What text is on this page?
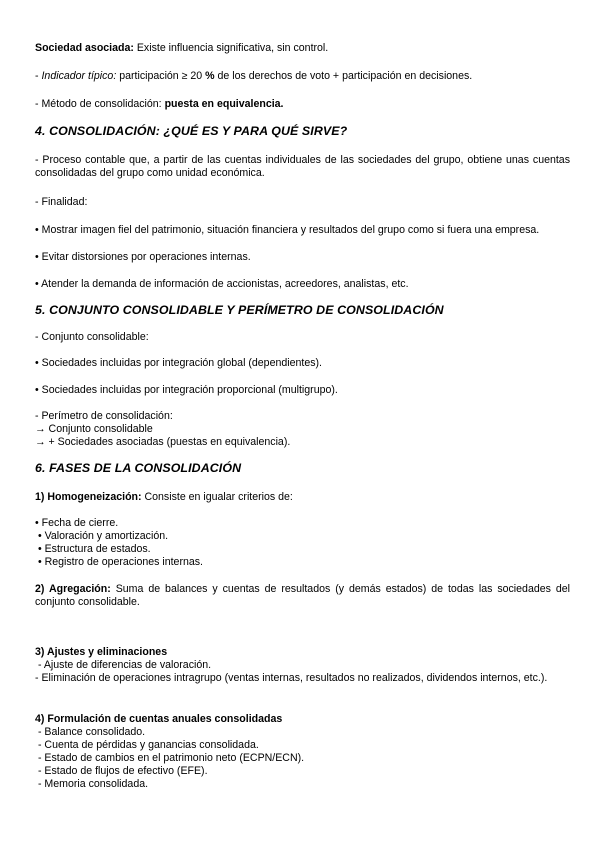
Sociedad asociada: Existe influencia significativa, sin control.
- Indicador típico: participación ≥ 20 % de los derechos de voto + participación en decisiones.
- Método de consolidación: puesta en equivalencia.
4. CONSOLIDACIÓN: ¿QUÉ ES Y PARA QUÉ SIRVE?
- Proceso contable que, a partir de las cuentas individuales de las sociedades del grupo, obtiene unas cuentas consolidadas del grupo como unidad económica.
- Finalidad:
• Mostrar imagen fiel del patrimonio, situación financiera y resultados del grupo como si fuera una empresa.
• Evitar distorsiones por operaciones internas.
• Atender la demanda de información de accionistas, acreedores, analistas, etc.
5. CONJUNTO CONSOLIDABLE Y PERÍMETRO DE CONSOLIDACIÓN
- Conjunto consolidable:
• Sociedades incluidas por integración global (dependientes).
• Sociedades incluidas por integración proporcional (multigrupo).
- Perímetro de consolidación:
→ Conjunto consolidable
→ + Sociedades asociadas (puestas en equivalencia).
6. FASES DE LA CONSOLIDACIÓN
1) Homogeneización: Consiste en igualar criterios de:
• Fecha de cierre.
• Valoración y amortización.
• Estructura de estados.
• Registro de operaciones internas.
2) Agregación: Suma de balances y cuentas de resultados (y demás estados) de todas las sociedades del conjunto consolidable.
3) Ajustes y eliminaciones
- Ajuste de diferencias de valoración.
- Eliminación de operaciones intragrupo (ventas internas, resultados no realizados, dividendos internos, etc.).
4) Formulación de cuentas anuales consolidadas
- Balance consolidado.
- Cuenta de pérdidas y ganancias consolidada.
- Estado de cambios en el patrimonio neto (ECPN/ECN).
- Estado de flujos de efectivo (EFE).
- Memoria consolidada.
